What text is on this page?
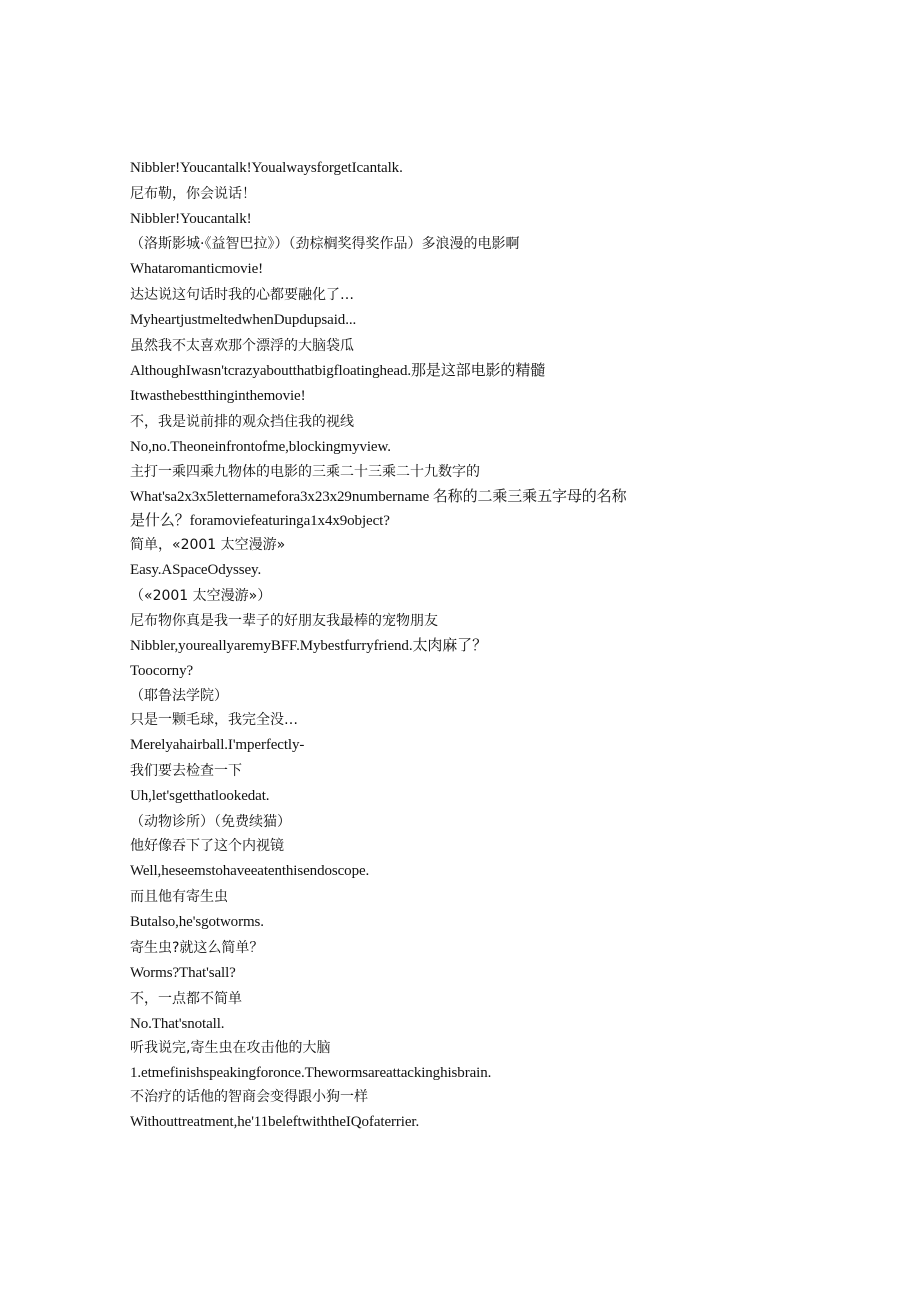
Nibbler!Youcantalk!YoualwaysforgetIcantalk.
尼布勒，你会说话！
Nibbler!Youcantalk!
（洛斯影城·《益智巴拉》）（劲棕榈奖得奖作品）多浪漫的电影啊
Whataromanticmovie!
达达说这句话时我的心都要融化了…
MyheartjustmeltedwhenDupdupsaid...
虽然我不太喜欢那个漂浮的大脑袋瓜
AlthoughIwasn'tcrazyaboutthatbigfloatinghead.那是这部电影的精髓
Itwasthebestthinginthemovie!
不，我是说前排的观众挡住我的视线
No,no.Theoneinfrontofme,blockingmyview.
主打一乘四乘九物体的电影的三乘二十三乘二十九数字的
What'sa2x3x5letternamefora3x23x29numbername 名称的二乘三乘五字母的名称
是什么？foramoviefeaturinga1x4x9object?
简单，«2001 太空漫游»
Easy.ASpaceOdyssey.
（«2001 太空漫游»）
尼布物你真是我一辈子的好朋友我最棒的宠物朋友
Nibbler,youreallyaremyBFF.Mybestfurryfriend.太肉麻了？
Toocorny?
（耶鲁法学院）
只是一颗毛球，我完全没…
Merelyahairball.I'mperfectly-
我们要去检查一下
Uh,let'sgetthatlookedat.
（动物诊所）（免费续猫）
他好像吞下了这个内视镜
Well,heseemstohaveeatenthisendoscope.
而且他有寄生虫
Butalso,he'sgotworms.
寄生虫?就这么简单？
Worms?That'sall?
不，一点都不简单
No.That'snotall.
听我说完,寄生虫在攻击他的大脑
1.etmefinishspeakingforonce.Thewormsareattackinghisbrain.
不治疗的话他的智商会变得跟小狗一样
Withouttreatment,he'11beleftwiththeIQofaterrier.
